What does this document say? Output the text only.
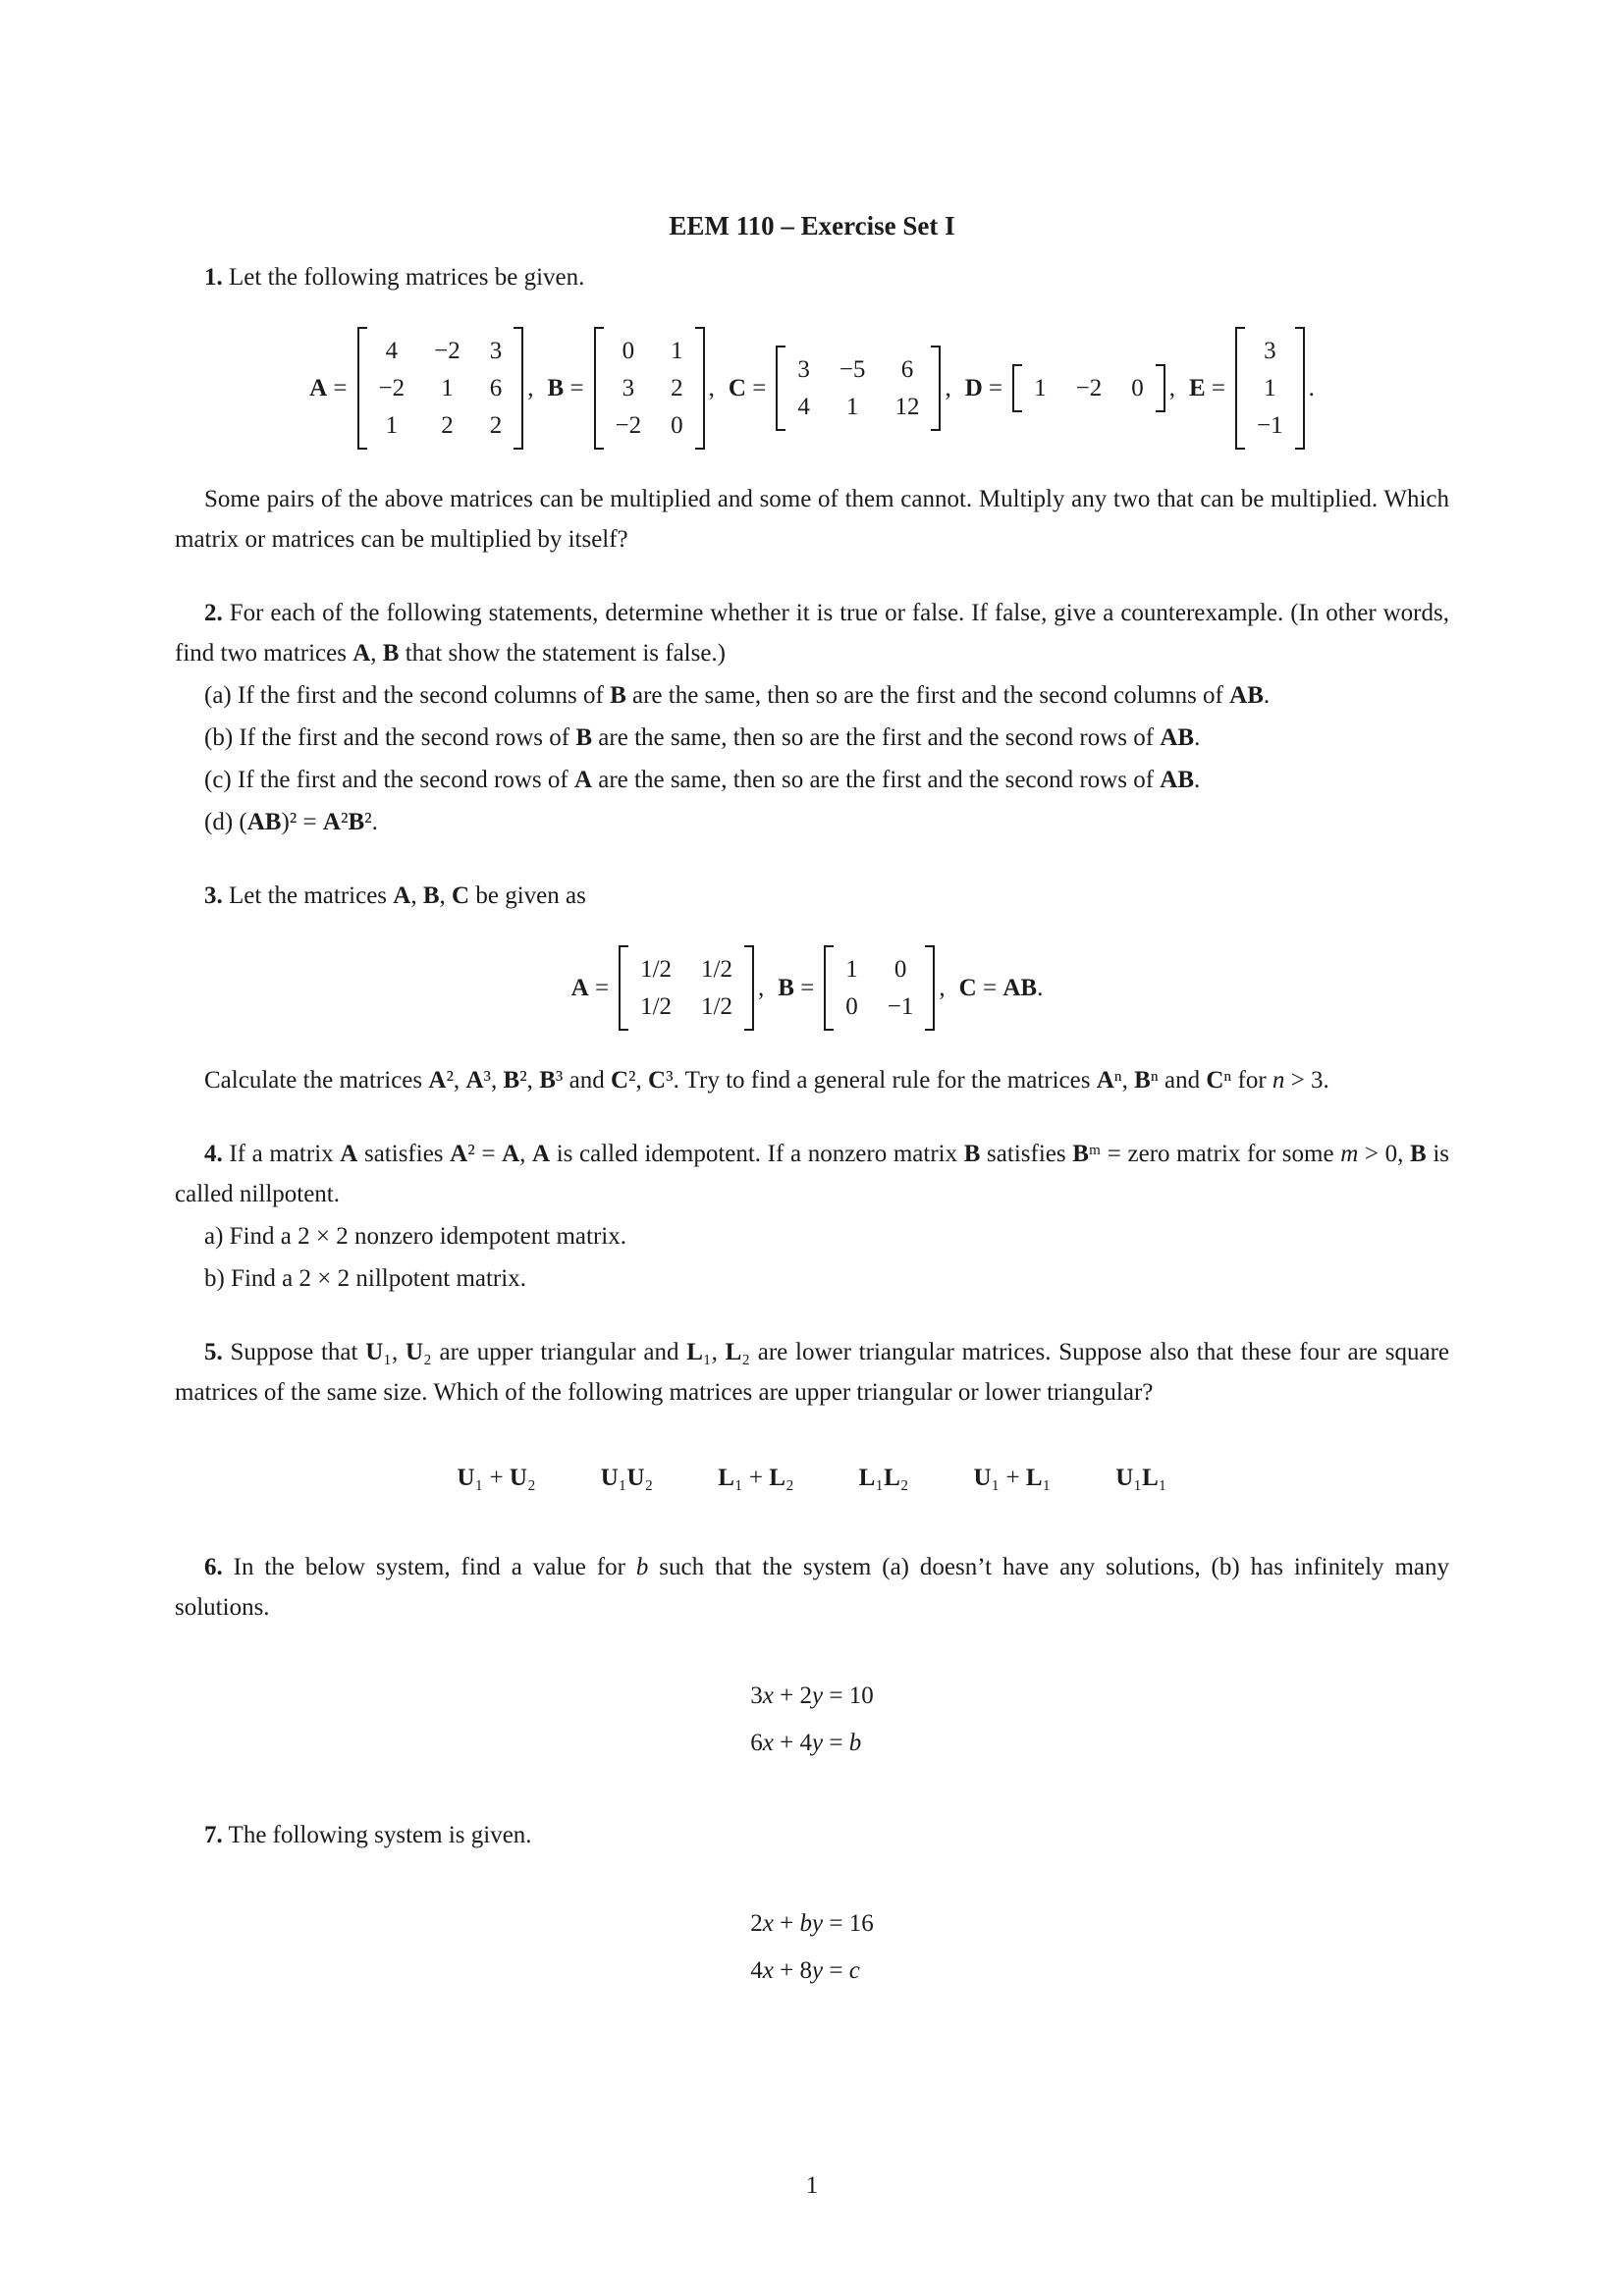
EEM 110 – Exercise Set I

1. Let the following matrices be given.

A =
4 −2 3
−2 1 6
1 2 2
, B =
0 1
3 2
−2 0
, C =
3 −5 6
4 1 12
, D = 1 −2 0 , E =
3
1
−1
.

Some pairs of the above matrices can be multiplied and some of them cannot. Multiply any two that can be multiplied. Which matrix or matrices can be multiplied by itself?

2. For each of the following statements, determine whether it is true or false. If false, give a counterexample. (In other words, find two matrices A, B that show the statement is false.)

(a) If the first and the second columns of B are the same, then so are the first and the second columns of AB.

(b) If the first and the second rows of B are the same, then so are the first and the second rows of AB.

(c) If the first and the second rows of A are the same, then so are the first and the second rows of AB.

(d) (AB)² = A²B².

3. Let the matrices A, B, C be given as

A =
1/2 1/2
1/2 1/2
, B =
1 0
0 −1
, C = AB.

Calculate the matrices A², A³, B², B³ and C², C³. Try to find a general rule for the matrices Aⁿ, Bⁿ and Cⁿ for n > 3.

4. If a matrix A satisfies A² = A, A is called idempotent. If a nonzero matrix B satisfies Bᵐ = zero matrix for some m > 0, B is called nillpotent.

a) Find a 2 × 2 nonzero idempotent matrix.

b) Find a 2 × 2 nillpotent matrix.

5. Suppose that U₁, U₂ are upper triangular and L₁, L₂ are lower triangular matrices. Suppose also that these four are square matrices of the same size. Which of the following matrices are upper triangular or lower triangular?

U₁ + U₂	U₁U₂	L₁ + L₂	L₁L₂	U₁ + L₁	U₁L₁

6. In the below system, find a value for b such that the system (a) doesn’t have any solutions, (b) has infinitely many solutions.

3x + 2y = 10
6x + 4y = b

7. The following system is given.

2x + by = 16
4x + 8y = c
1
